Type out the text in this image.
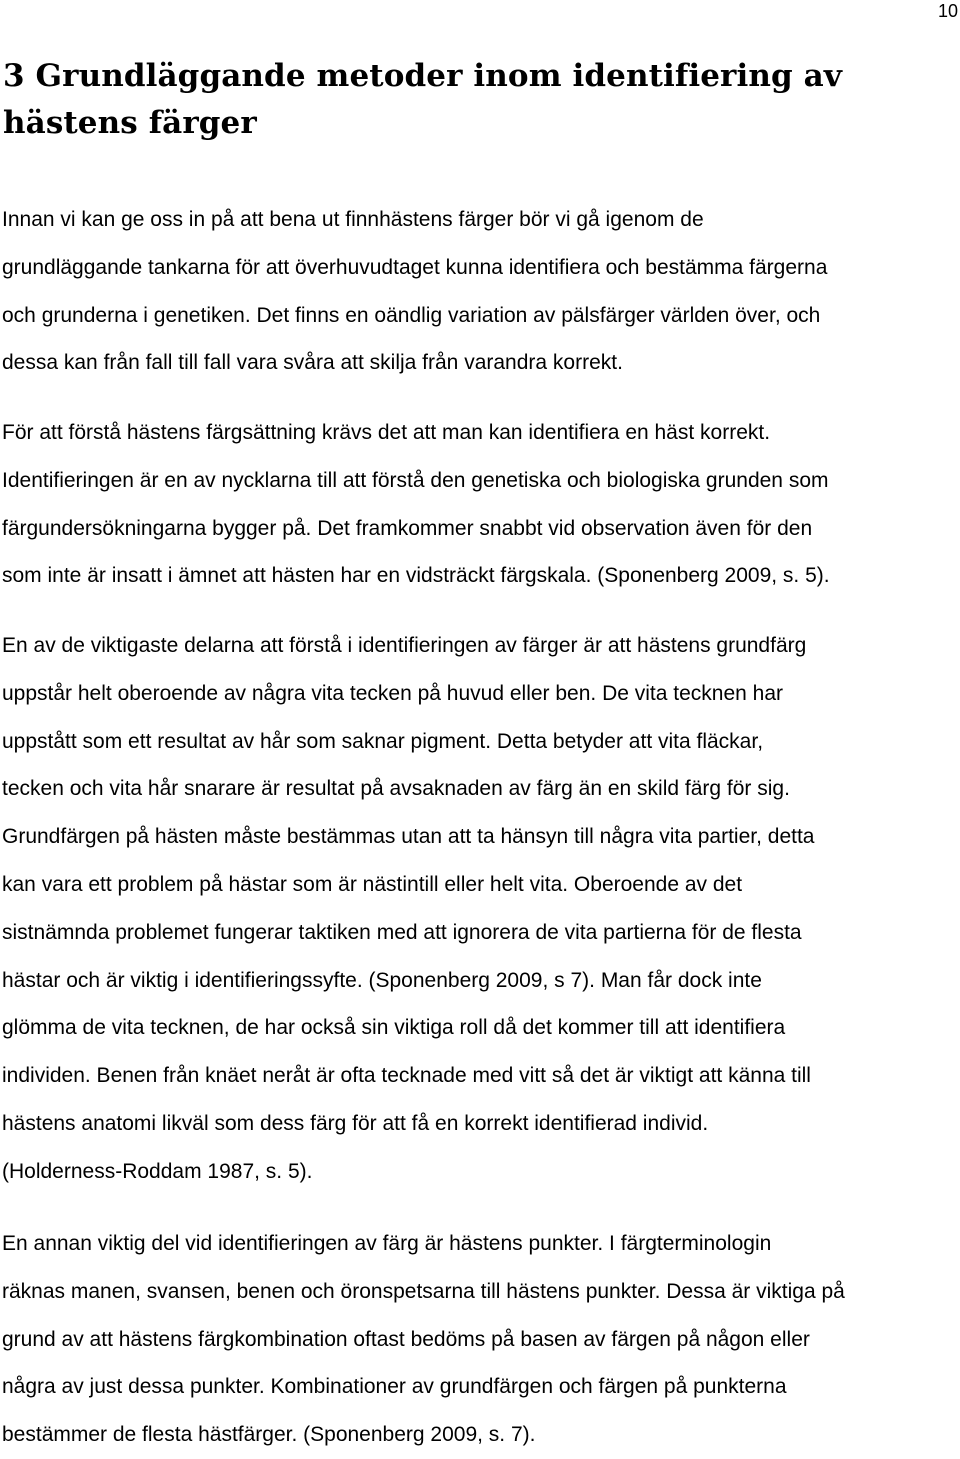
10
3 Grundläggande metoder inom identifiering av hästens färger

Innan vi kan ge oss in på att bena ut finnhästens färger bör vi gå igenom de
grundläggande tankarna för att överhuvudtaget kunna identifiera och bestämma färgerna
och grunderna i genetiken. Det finns en oändlig variation av pälsfärger världen över, och
dessa kan från fall till fall vara svåra att skilja från varandra korrekt.

För att förstå hästens färgsättning krävs det att man kan identifiera en häst korrekt.
Identifieringen är en av nycklarna till att förstå den genetiska och biologiska grunden som
färgundersökningarna bygger på. Det framkommer snabbt vid observation även för den
som inte är insatt i ämnet att hästen har en vidsträckt färgskala. (Sponenberg 2009, s. 5).

En av de viktigaste delarna att förstå i identifieringen av färger är att hästens grundfärg
uppstår helt oberoende av några vita tecken på huvud eller ben. De vita tecknen har
uppstått som ett resultat av hår som saknar pigment. Detta betyder att vita fläckar,
tecken och vita hår snarare är resultat på avsaknaden av färg än en skild färg för sig.
Grundfärgen på hästen måste bestämmas utan att ta hänsyn till några vita partier, detta
kan vara ett problem på hästar som är nästintill eller helt vita. Oberoende av det
sistnämnda problemet fungerar taktiken med att ignorera de vita partierna för de flesta
hästar och är viktig i identifieringssyfte. (Sponenberg 2009, s 7). Man får dock inte
glömma de vita tecknen, de har också sin viktiga roll då det kommer till att identifiera
individen. Benen från knäet neråt är ofta tecknade med vitt så det är viktigt att känna till
hästens anatomi likväl som dess färg för att få en korrekt identifierad individ.
(Holderness-Roddam 1987, s. 5).

En annan viktig del vid identifieringen av färg är hästens punkter. I färgterminologin
räknas manen, svansen, benen och öronspetsarna till hästens punkter. Dessa är viktiga på
grund av att hästens färgkombination oftast bedöms på basen av färgen på någon eller
några av just dessa punkter. Kombinationer av grundfärgen och färgen på punkterna
bestämmer de flesta hästfärger. (Sponenberg 2009, s. 7).
